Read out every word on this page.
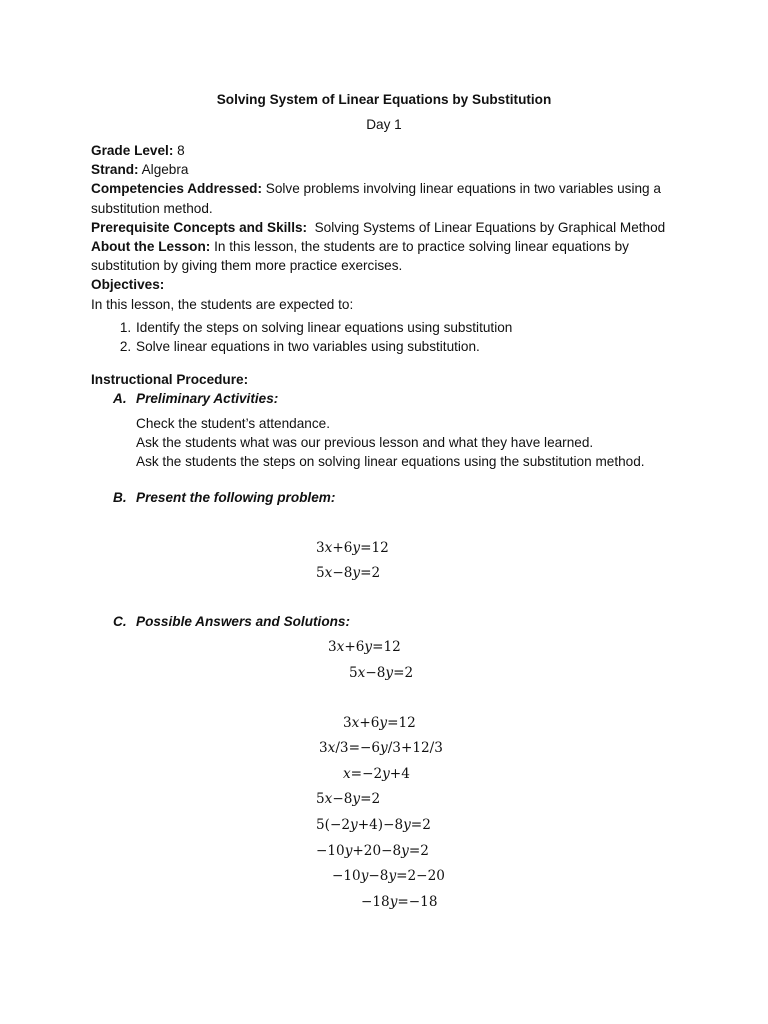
Solving System of Linear Equations by Substitution
Day 1

Grade Level: 8

Strand: Algebra

Competencies Addressed: Solve problems involving linear equations in two variables using a substitution method.

Prerequisite Concepts and Skills:  Solving Systems of Linear Equations by Graphical Method

About the Lesson: In this lesson, the students are to practice solving linear equations by substitution by giving them more practice exercises.

Objectives:

In this lesson, the students are expected to:

1. Identify the steps on solving linear equations using substitution
2. Solve linear equations in two variables using substitution.
Instructional Procedure:
A. Preliminary Activities:
Check the student’s attendance.
Ask the students what was our previous lesson and what they have learned.
Ask the students the steps on solving linear equations using the substitution method.
B. Present the following problem:
3x+6y=12
5x−8y=2
C. Possible Answers and Solutions:
3x+6y=12
5x−8y=2
3x+6y=12
3x/3=−6y/3+12/3
x=−2y+4
5x−8y=2
5(−2y+4)−8y=2
−10y+20−8y=2
−10y−8y=2−20
−18y=−18
